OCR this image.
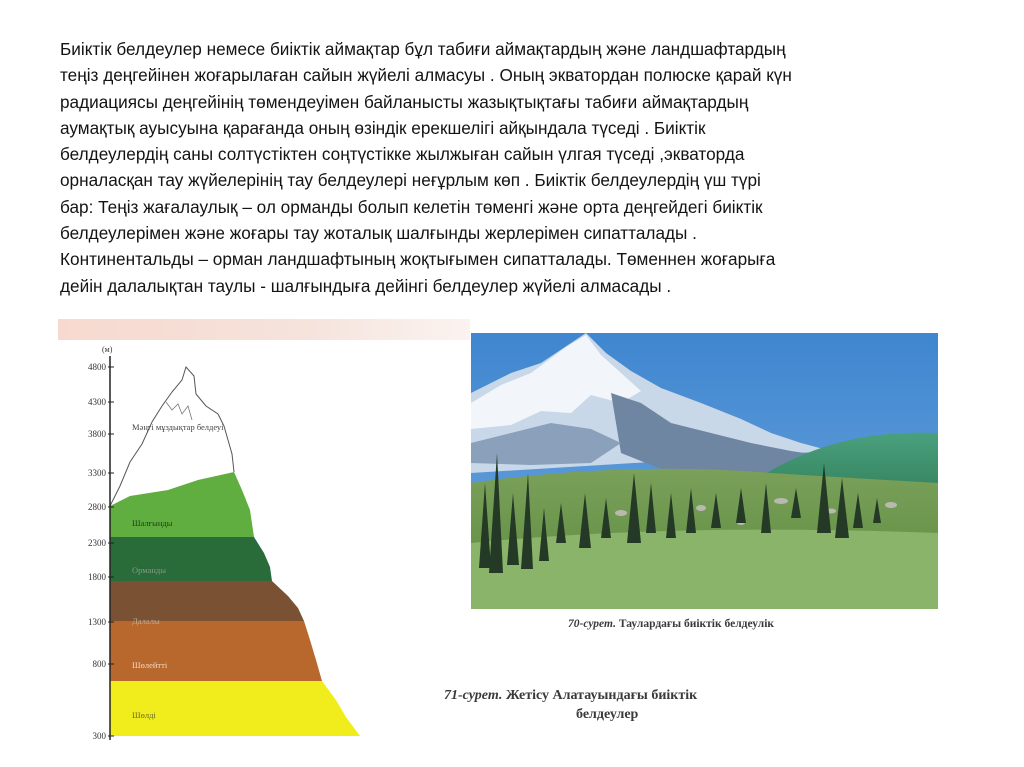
Биіктік белдеулер немесе биіктік аймақтар бұл табиғи аймақтардың және ландшафтардың
теңіз деңгейінен жоғарылаған сайын жүйелі алмасуы . Оның экватордан полюске қарай күн
радиациясы деңгейінің төмендеуімен байланысты жазықтықтағы табиғи аймақтардың
аумақтық ауысуына қарағанда оның өзіндік ерекшелігі айқындала түседі . Биіктік
белдеулердің саны солтүстіктен соңтүстікке жылжыған сайын үлгая түседі ,экваторда
орналасқан тау жүйелерінің тау белдеулері неғұрлым көп . Биіктік белдеулердің үш түрі
бар: Теңіз жағалаулық – ол орманды болып келетін төменгі және орта деңгейдегі биіктік
белдеулерімен және жоғары тау жоталық шалғынды жерлерімен сипатталады .
Континентальды – орман ландшафтының жоқтығымен сипатталады. Төменнен жоғарыға
дейін далалықтан таулы - шалғындыға дейінгі белдеулер жүйелі алмасады .
(м)
4800
4300
3800
3300
2800
2300
1800
1300
800
300
Мәңгі мұздықтар белдеуі
Шалғынды
Орманды
Далалы
Шөлейтті
Шөлді
70-сурет. Таулардағы биіктік белдеулік
71-сурет. Жетісу Алатауындағы биіктік
белдеулер
